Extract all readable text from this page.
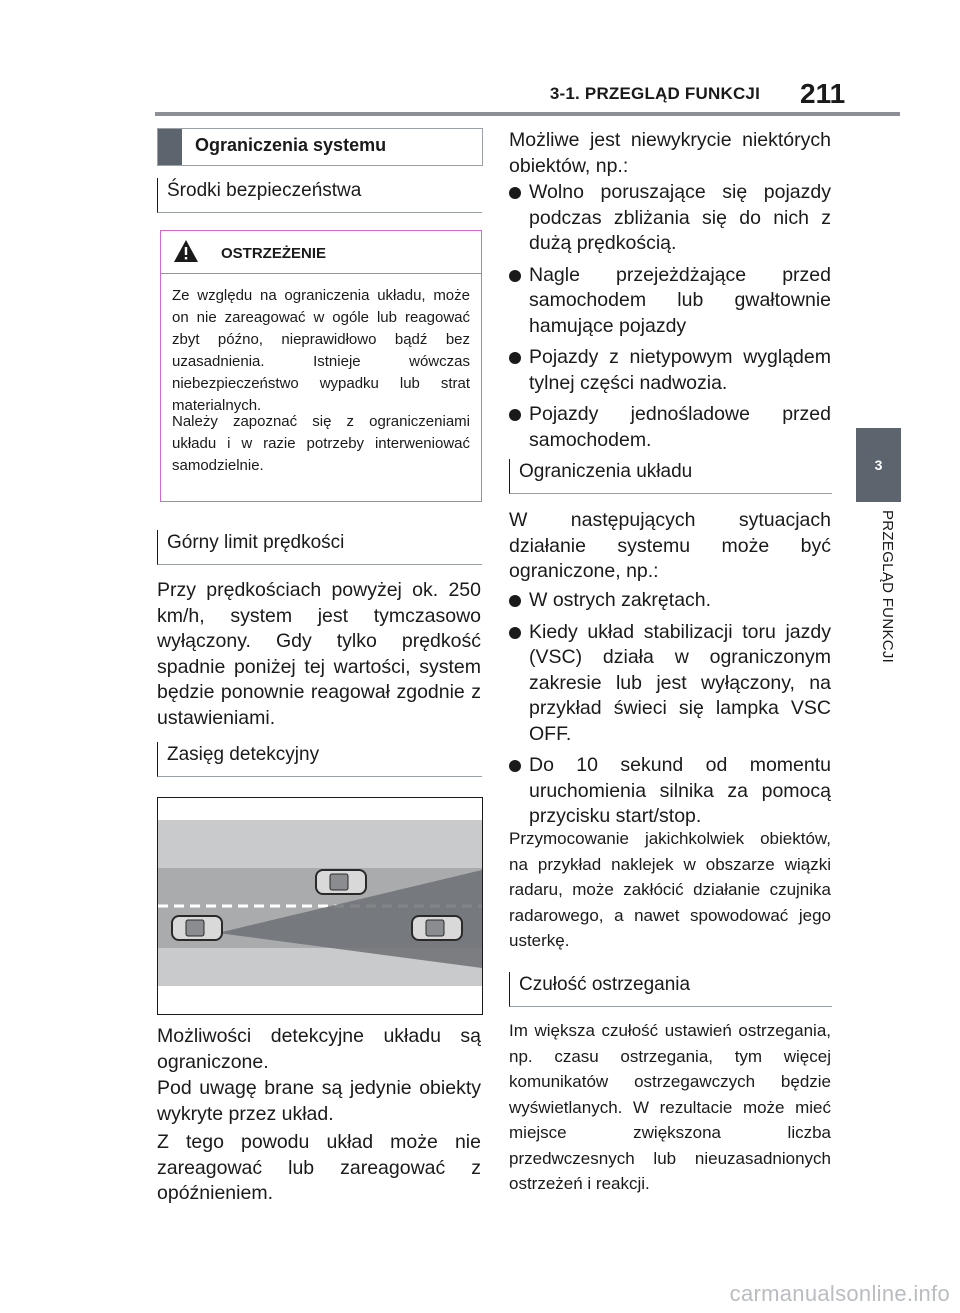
3-1. PRZEGLĄD FUNKCJI 211
3
PRZEGLĄD FUNKCJI
Ograniczenia systemu
Środki bezpieczeństwa
OSTRZEŻENIE
Ze względu na ograniczenia układu, może on nie zareagować w ogóle lub reagować zbyt późno, nieprawidłowo bądź bez uzasadnienia. Istnieje wówczas niebezpieczeństwo wypadku lub strat materialnych.
Należy zapoznać się z ograniczeniami układu i w razie potrzeby interweniować samodzielnie.
Górny limit prędkości
Przy prędkościach powyżej ok. 250 km/h, system jest tymczasowo wyłączony. Gdy tylko prędkość spadnie poniżej tej wartości, system będzie ponownie reagował zgodnie z ustawieniami.
Zasięg detekcyjny
Możliwości detekcyjne układu są ograniczone.
Pod uwagę brane są jedynie obiekty wykryte przez układ.
Z tego powodu układ może nie zareagować lub zareagować z opóźnieniem.
Możliwe jest niewykrycie niektórych obiektów, np.:
Wolno poruszające się pojazdy podczas zbliżania się do nich z dużą prędkością.
Nagle przejeżdżające przed samochodem lub gwałtownie hamujące pojazdy
Pojazdy z nietypowym wyglądem tylnej części nadwozia.
Pojazdy jednośladowe przed samochodem.
Ograniczenia układu
W następujących sytuacjach działanie systemu może być ograniczone, np.:
W ostrych zakrętach.
Kiedy układ stabilizacji toru jazdy (VSC) działa w ograniczonym zakresie lub jest wyłączony, na przykład świeci się lampka VSC OFF.
Do 10 sekund od momentu uruchomienia silnika za pomocą przycisku start/stop.
Przymocowanie jakichkolwiek obiektów, na przykład naklejek w obszarze wiązki radaru, może zakłócić działanie czujnika radarowego, a nawet spowodować jego usterkę.
Czułość ostrzegania
Im większa czułość ustawień ostrzegania, np. czasu ostrzegania, tym więcej komunikatów ostrzegawczych będzie wyświetlanych. W rezultacie może mieć miejsce zwiększona liczba przedwczesnych lub nieuzasadnionych ostrzeżeń i reakcji.
carmanualsonline.info
